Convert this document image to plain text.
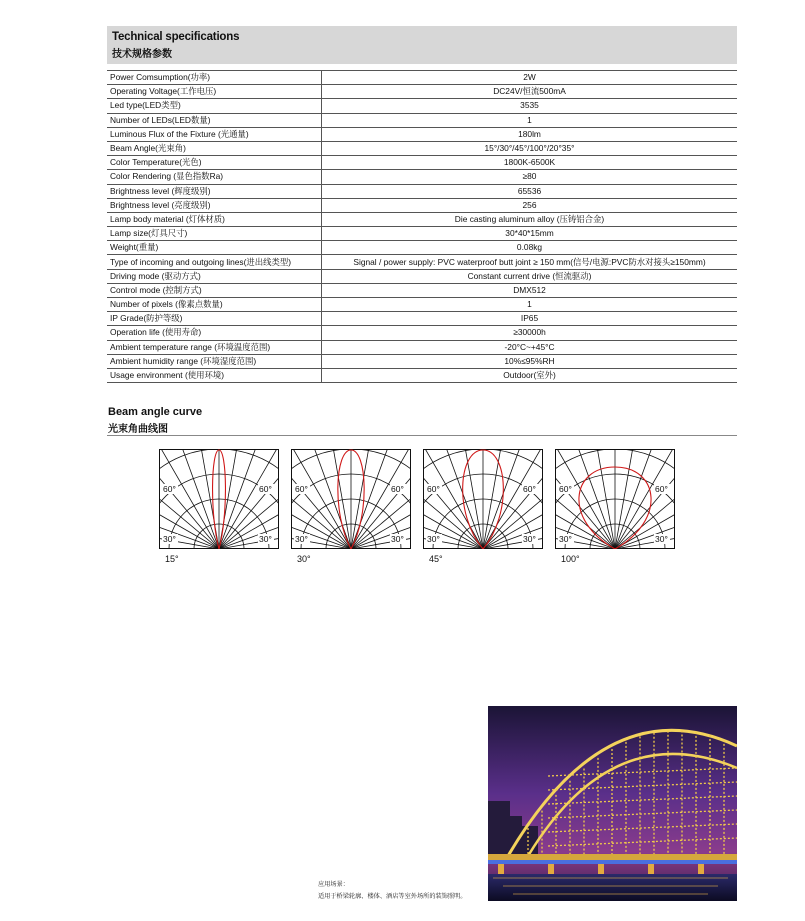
Technical specifications
技术规格参数
Power Comsumption(功率)	2W
Operating Voltage(工作电压)	DC24V/恒流500mA
Led type(LED类型)	3535
Number of LEDs(LED数量)	1
Luminous Flux of the Fixture (光通量)	180lm
Beam Angle(光束角)	15°/30°/45°/100°/20°35°
Color Temperature(光色)	1800K-6500K
Color Rendering (显色指数Ra)	≥80
Brightness level (辉度级别)	65536
Brightness level (亮度级别)	256
Lamp body material (灯体材质)	Die casting aluminum alloy (压铸铝合金)
Lamp size(灯具尺寸)	30*40*15mm
Weight(重量)	0.08kg
Type of incoming and outgoing lines(进出线类型)	Signal / power supply: PVC waterproof butt joint ≥ 150 mm(信号/电源:PVC防水对接头≥150mm)
Driving mode (驱动方式)	Constant current drive (恒流驱动)
Control mode (控制方式)	DMX512
Number of pixels (像素点数量)	1
IP Grade(防护等级)	IP65
Operation life (使用寿命)	≥30000h
Ambient temperature range (环境温度范围)	-20°C~+45°C
Ambient humidity range (环境湿度范围)	10%≤95%RH
Usage environment (使用环境)	Outdoor(室外)
Beam angle curve
光束角曲线图
60°	60°
30°	30°
15°
60°	60°
30°	30°
30°
60°	60°
30°	30°
45°
60°	60°
30°	30°
100°
应用场景：
适用于桥梁轮廓、楼体、酒店等室外场所的装饰照明。
